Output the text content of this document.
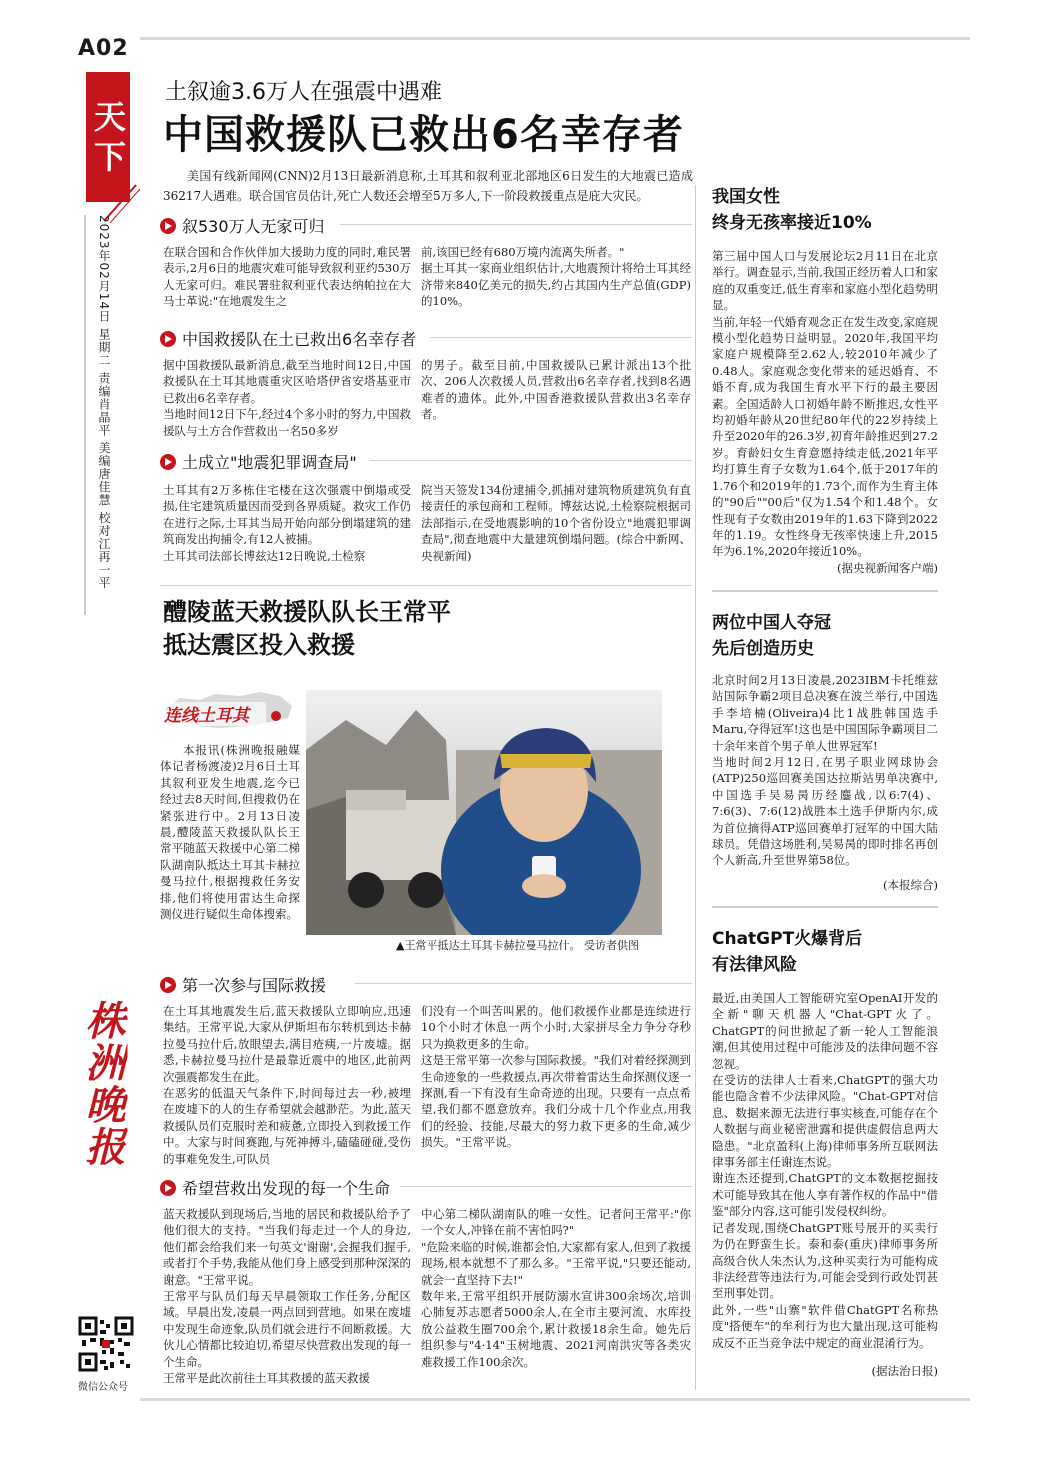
A02
天下
2023年02月14日 星期二 责编肖晶平 美编唐佳慧 校对江再一平
株洲晚报
微信公众号
土叙逾3.6万人在强震中遇难
中国救援队已救出6名幸存者
美国有线新闻网(CNN)2月13日最新消息称,土耳其和叙利亚北部地区6日发生的大地震已造成36217人遇难。联合国官员估计,死亡人数还会增至5万多人,下一阶段救援重点是庇大灾民。
叙530万人无家可归
在联合国和合作伙伴加大援助力度的同时,难民署表示,2月6日的地震灾难可能导致叙利亚约530万人无家可归。难民署驻叙利亚代表达纳帕拉在大马士革说:"在地震发生之
前,该国已经有680万境内流离失所者。"
据土耳其一家商业组织估计,大地震预计将给土耳其经济带来840亿美元的损失,约占其国内生产总值(GDP)的10%。
中国救援队在土已救出6名幸存者
据中国救援队最新消息,截至当地时间12日,中国救援队在土耳其地震重灾区哈塔伊省安塔基亚市已救出6名幸存者。
当地时间12日下午,经过4个多小时的努力,中国救援队与土方合作营救出一名50多岁
的男子。截至目前,中国救援队已累计派出13个批次、206人次救援人员,营救出6名幸存者,找到8名遇难者的遗体。此外,中国香港救援队营救出3名幸存者。
土成立"地震犯罪调查局"
土耳其有2万多栋住宅楼在这次强震中倒塌或受损,住宅建筑质量因而受到各界质疑。救灾工作仍在进行之际,土耳其当局开始向部分倒塌建筑的建筑商发出拘捕令,有12人被捕。
土耳其司法部长博兹达12日晚说,土检察
院当天签发134份逮捕令,抓捕对建筑物质建筑负有直接责任的承包商和工程师。博兹达说,土检察院根据司法部指示,在受地震影响的10个省份设立"地震犯罪调查局",彻查地震中大量建筑倒塌问题。(综合中新网、央视新闻)
醴陵蓝天救援队队长王常平
抵达震区投入救援
连线土耳其

本报讯(株洲晚报融媒体记者杨渡凌)2月6日土耳其叙利亚发生地震,迄今已经过去8天时间,但搜救仍在紧张进行中。2月13日凌晨,醴陵蓝天救援队队长王常平随蓝天救援中心第二梯队湖南队抵达土耳其卡赫拉曼马拉什,根据搜救任务安排,他们将使用雷达生命探测仪进行疑似生命体搜索。

▲王常平抵达土耳其卡赫拉曼马拉什。 受访者供图
第一次参与国际救援
在土耳其地震发生后,蓝天救援队立即响应,迅速集结。王常平说,大家从伊斯坦布尔转机到达卡赫拉曼马拉什后,放眼望去,满目疮痍,一片废墟。据悉,卡赫拉曼马拉什是最靠近震中的地区,此前两次强震都发生在此。
在恶劣的低温天气条件下,时间每过去一秒,被埋在废墟下的人的生存希望就会越渺茫。为此,蓝天救援队员们克服时差和疲惫,立即投入到救援工作中。大家与时间赛跑,与死神搏斗,磕磕碰碰,受伤的事难免发生,可队员
们没有一个叫苦叫累的。他们救援作业都是连续进行10个小时才休息一两个小时,大家拼尽全力争分夺秒只为换救更多的生命。
这是王常平第一次参与国际救援。"我们对着经探测到生命迹象的一些救援点,再次带着雷达生命探测仪逐一探测,看一下有没有生命奇迹的出现。只要有一点点希望,我们都不愿意放弃。我们分成十几个作业点,用我们的经验、技能,尽最大的努力救下更多的生命,减少损失。"王常平说。
希望营救出发现的每一个生命
蓝天救援队到现场后,当地的居民和救援队给予了他们很大的支持。"当我们每走过一个人的身边,他们都会给我们来一句英文'谢谢',会握我们握手,或者打个手势,我能从他们身上感受到那种深深的谢意。"王常平说。
王常平与队员们每天早晨领取工作任务,分配区域。早晨出发,凌晨一两点回到营地。如果在废墟中发现生命迹象,队员们就会进行不间断救援。大伙儿心情都比较迫切,希望尽快营救出发现的每一个生命。
王常平是此次前往土耳其救援的蓝天救援
中心第二梯队湖南队的唯一女性。记者问王常平:"你一个女人,冲锋在前不害怕吗?"
"危险来临的时候,谁都会怕,大家都有家人,但到了救援现场,根本就想不了那么多。"王常平说,"只要还能动,就会一直坚持下去!"
数年来,王常平组织开展防溺水宣讲300余场次,培训心肺复苏志愿者5000余人,在全市主要河流、水库投放公益救生圈700余个,累计救援18余生命。她先后组织参与"4·14"玉树地震、2021河南洪灾等各类灾难救援工作100余次。
我国女性
终身无孩率接近10%
第三届中国人口与发展论坛2月11日在北京举行。调查显示,当前,我国正经历着人口和家庭的双重变迁,低生育率和家庭小型化趋势明显。
当前,年轻一代婚育观念正在发生改变,家庭规模小型化趋势日益明显。2020年,我国平均家庭户规模降至2.62人,较2010年减少了0.48人。家庭观念变化带来的延迟婚育、不婚不育,成为我国生育水平下行的最主要因素。全国适龄人口初婚年龄不断推迟,女性平均初婚年龄从20世纪80年代的22岁持续上升至2020年的26.3岁,初育年龄推迟到27.2岁。育龄妇女生育意愿持续走低,2021年平均打算生育子女数为1.64个,低于2017年的1.76个和2019年的1.73个,而作为生育主体的"90后""00后"仅为1.54个和1.48个。女性现有子女数由2019年的1.63下降到2022年的1.19。女性终身无孩率快速上升,2015年为6.1%,2020年接近10%。
(据央视新闻客户端)
两位中国人夺冠
先后创造历史
北京时间2月13日凌晨,2023IBM卡托维兹站国际争霸2项目总决赛在波兰举行,中国选手李培楠(Oliveira)4比1战胜韩国选手Maru,夺得冠军!这也是中国国际争霸项目二十余年来首个男子单人世界冠军!
当地时间2月12日,在男子职业网球协会(ATP)250巡回赛美国达拉斯站男单决赛中,中国选手吴易昺历经鏖战,以6:7(4)、7:6(3)、7:6(12)战胜本土选手伊斯内尔,成为首位摘得ATP巡回赛单打冠军的中国大陆球员。凭借这场胜利,吴易昺的即时排名再创个人新高,升至世界第58位。
(本报综合)
ChatGPT火爆背后
有法律风险
最近,由美国人工智能研究室OpenAI开发的全新"聊天机器人"Chat-GPT火了。ChatGPT的问世掀起了新一轮人工智能浪潮,但其使用过程中可能涉及的法律问题不容忽视。
在受访的法律人士看来,ChatGPT的强大功能也隐含着不少法律风险。"Chat-GPT对信息、数据来源无法进行事实核查,可能存在个人数据与商业秘密泄露和提供虚假信息两大隐患。"北京盈科(上海)律师事务所互联网法律事务部主任谢连杰说。
谢连杰还提到,ChatGPT的文本数据挖掘技术可能导致其在他人享有著作权的作品中"借鉴"部分内容,这可能引发侵权纠纷。
记者发现,围绕ChatGPT账号展开的买卖行为仍在野蛮生长。泰和泰(重庆)律师事务所高级合伙人朱杰认为,这种买卖行为可能构成非法经营等违法行为,可能会受到行政处罚甚至刑事处罚。
此外,一些"山寨"软件借ChatGPT名称热度"搭便车"的牟利行为也大量出现,这可能构成反不正当竞争法中规定的商业混淆行为。
(据法治日报)
